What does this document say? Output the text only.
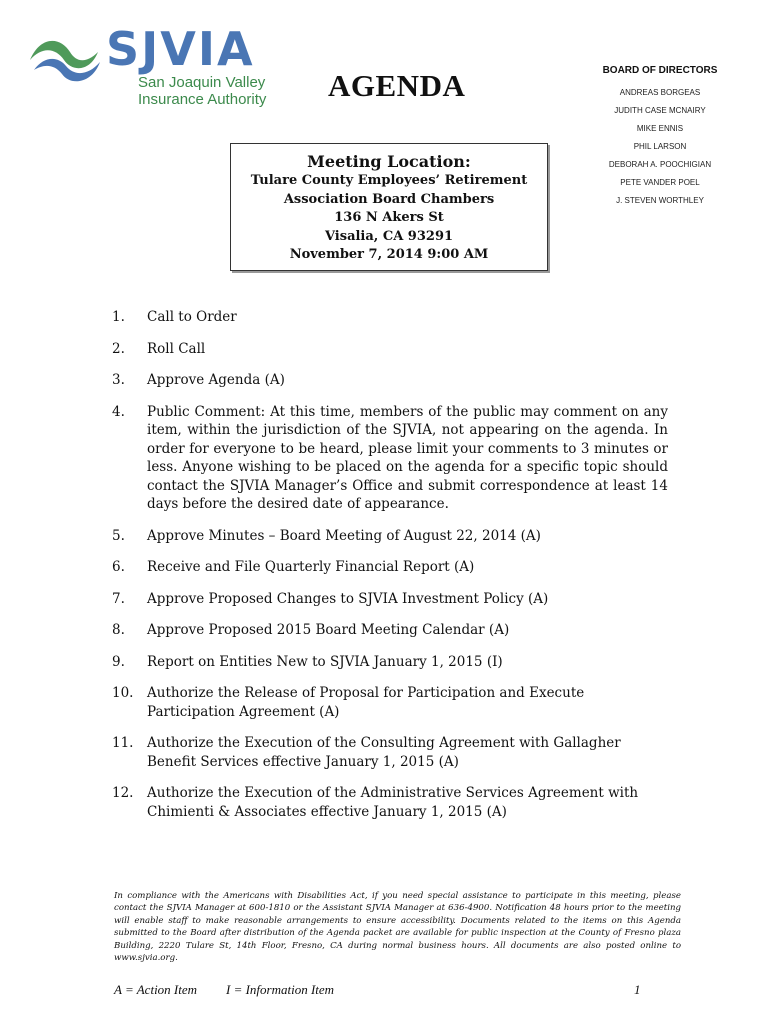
SJVIA
San Joaquin Valley
Insurance Authority AGENDA	BOARD OF DIRECTORS
ANDREAS BORGEAS
JUDITH CASE MCNAIRY
MIKE ENNIS
PHIL LARSON
DEBORAH A. POOCHIGIAN
PETE VANDER POEL
J. STEVEN WORTHLEY
Meeting Location:
Tulare County Employees’ Retirement
Association Board Chambers
136 N Akers St
Visalia, CA 93291
November 7, 2014 9:00 AM
1.	Call to Order
2.	Roll Call
3.	Approve Agenda (A)
4.	Public Comment: At this time, members of the public may comment on any item, within the jurisdiction of the SJVIA, not appearing on the agenda. In order for everyone to be heard, please limit your comments to 3 minutes or less. Anyone wishing to be placed on the agenda for a specific topic should contact the SJVIA Manager’s Office and submit correspondence at least 14 days before the desired date of appearance.
5.	Approve Minutes – Board Meeting of August 22, 2014 (A)
6.	Receive and File Quarterly Financial Report (A)
7.	Approve Proposed Changes to SJVIA Investment Policy (A)
8.	Approve Proposed 2015 Board Meeting Calendar (A)
9.	Report on Entities New to SJVIA January 1, 2015 (I)
10.	Authorize the Release of Proposal for Participation and Execute Participation Agreement (A)
11.	Authorize the Execution of the Consulting Agreement with Gallagher Benefit Services effective January 1, 2015 (A)
12.	Authorize the Execution of the Administrative Services Agreement with Chimienti & Associates effective January 1, 2015 (A)
In compliance with the Americans with Disabilities Act, if you need special assistance to participate in this meeting, please contact the SJVIA Manager at 600-1810 or the Assistant SJVIA Manager at 636-4900. Notification 48 hours prior to the meeting will enable staff to make reasonable arrangements to ensure accessibility. Documents related to the items on this Agenda submitted to the Board after distribution of the Agenda packet are available for public inspection at the County of Fresno plaza Building, 2220 Tulare St, 14th Floor, Fresno, CA during normal business hours. All documents are also posted online to www.sjvia.org.
A = Action Item I = Information Item	1
